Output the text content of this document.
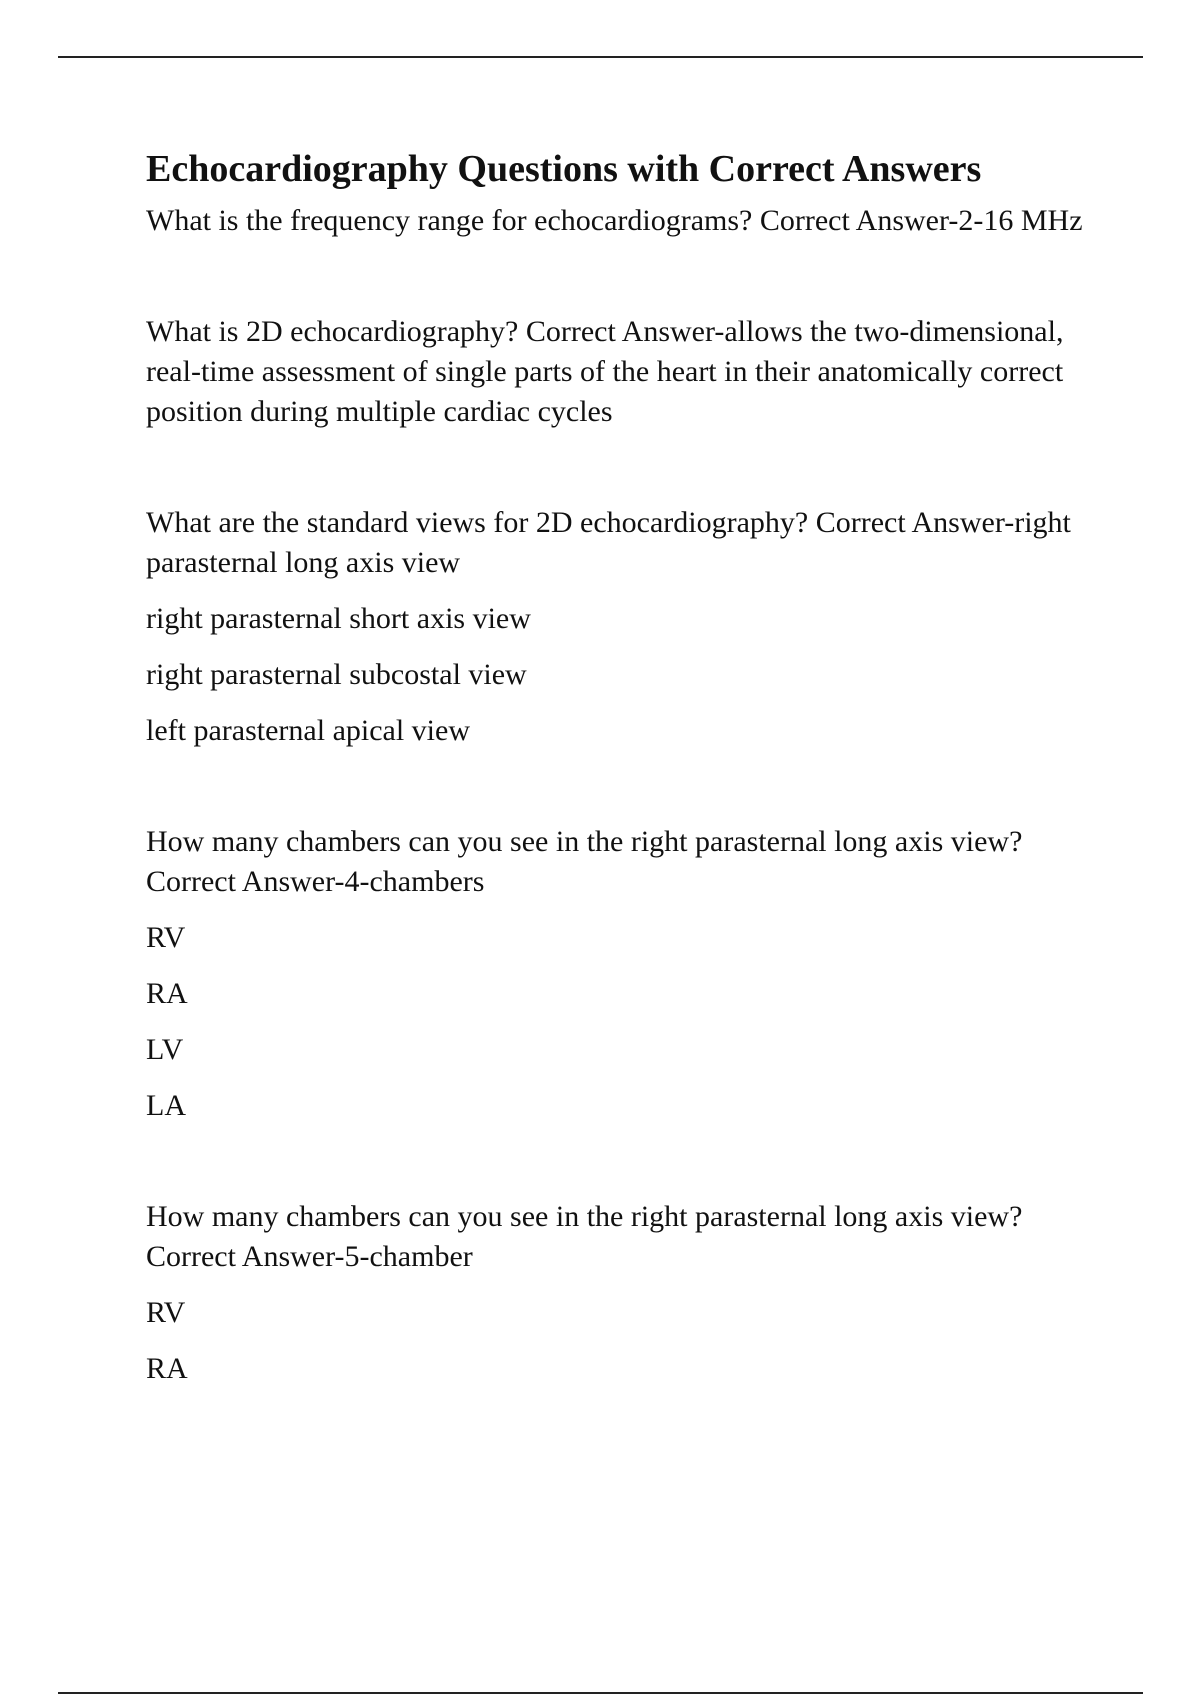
Echocardiography Questions with Correct Answers

What is the frequency range for echocardiograms? Correct Answer-2-16 MHz

What is 2D echocardiography? Correct Answer-allows the two-dimensional, real-time assessment of single parts of the heart in their anatomically correct position during multiple cardiac cycles

What are the standard views for 2D echocardiography? Correct Answer-right parasternal long axis view

right parasternal short axis view

right parasternal subcostal view

left parasternal apical view

How many chambers can you see in the right parasternal long axis view? Correct Answer-4-chambers

RV

RA

LV

LA

How many chambers can you see in the right parasternal long axis view? Correct Answer-5-chamber

RV

RA
